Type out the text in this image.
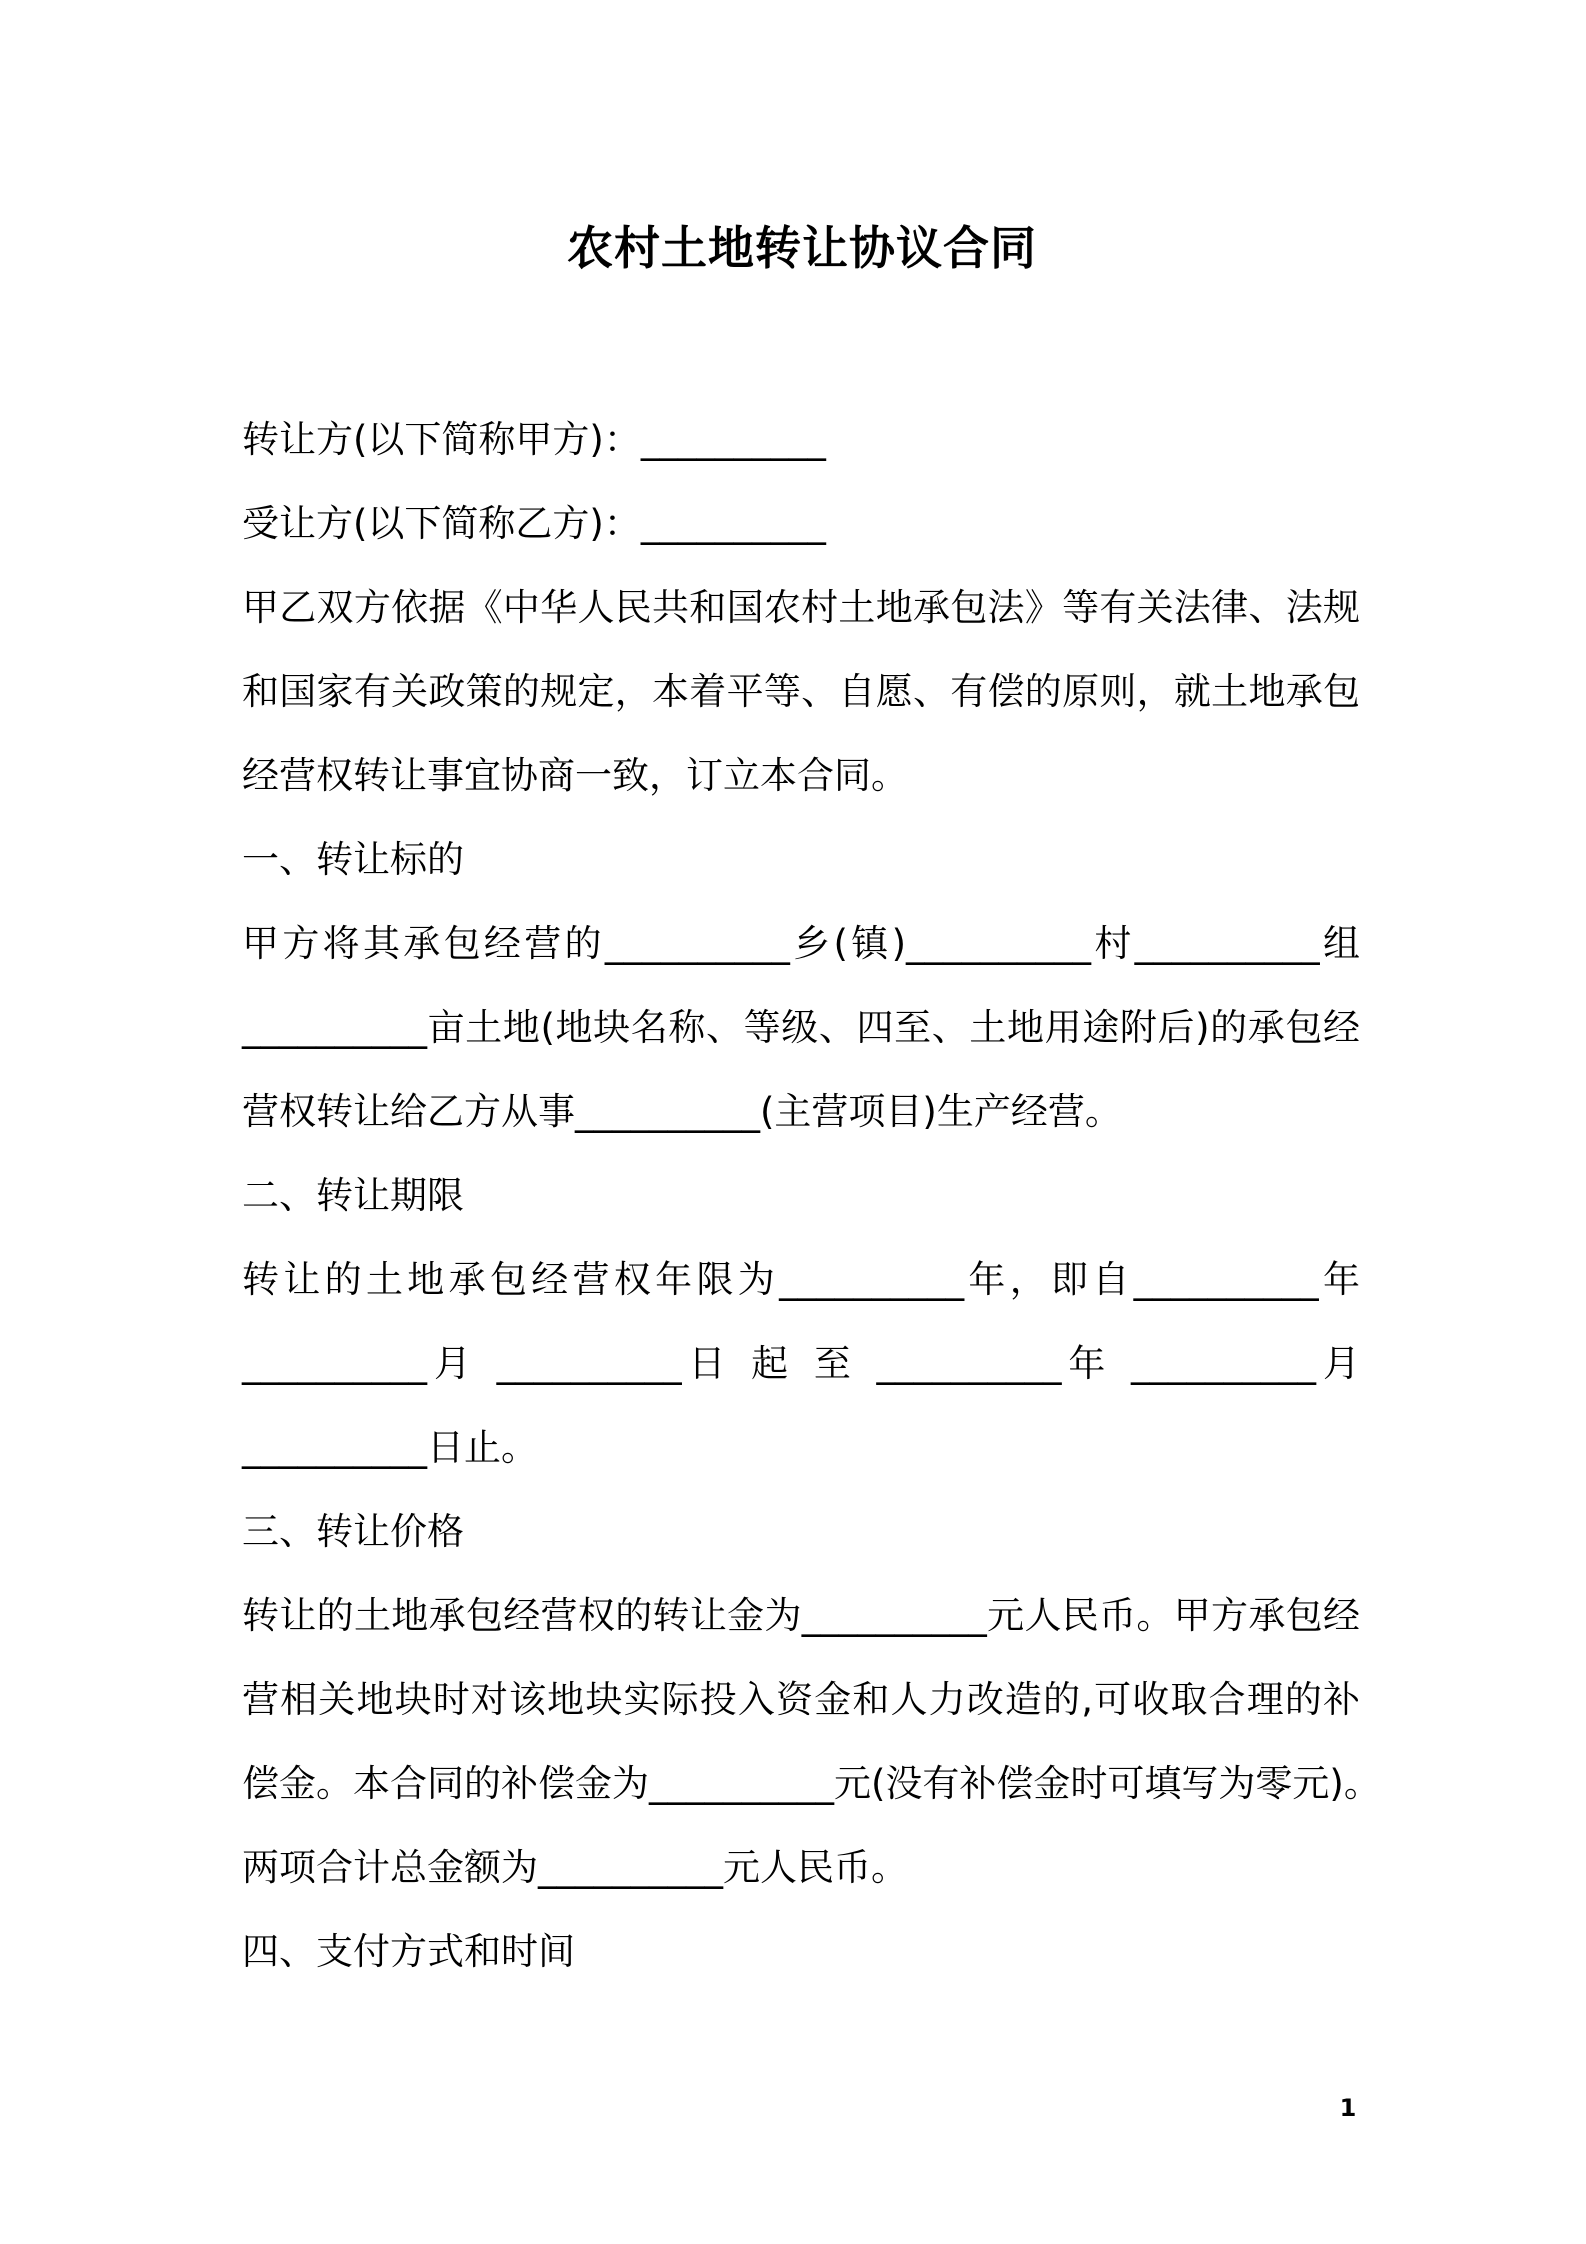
农村土地转让协议合同
转让方(以下简称甲方)：__________
受让方(以下简称乙方)：__________
甲乙双方依据《中华人民共和国农村土地承包法》等有关法律、法规
和国家有关政策的规定，本着平等、自愿、有偿的原则，就土地承包
经营权转让事宜协商一致，订立本合同。
一、转让标的
甲方将其承包经营的__________乡(镇)__________村__________组
__________亩土地(地块名称、等级、四至、土地用途附后)的承包经
营权转让给乙方从事__________(主营项目)生产经营。
二、转让期限
转让的土地承包经营权年限为__________年，即自__________年
__________月 __________日 起 至 __________年 __________月
__________日止。
三、转让价格
转让的土地承包经营权的转让金为__________元人民币。甲方承包经
营相关地块时对该地块实际投入资金和人力改造的,可收取合理的补
偿金。本合同的补偿金为__________元(没有补偿金时可填写为零元)。
两项合计总金额为__________元人民币。
四、支付方式和时间
1
